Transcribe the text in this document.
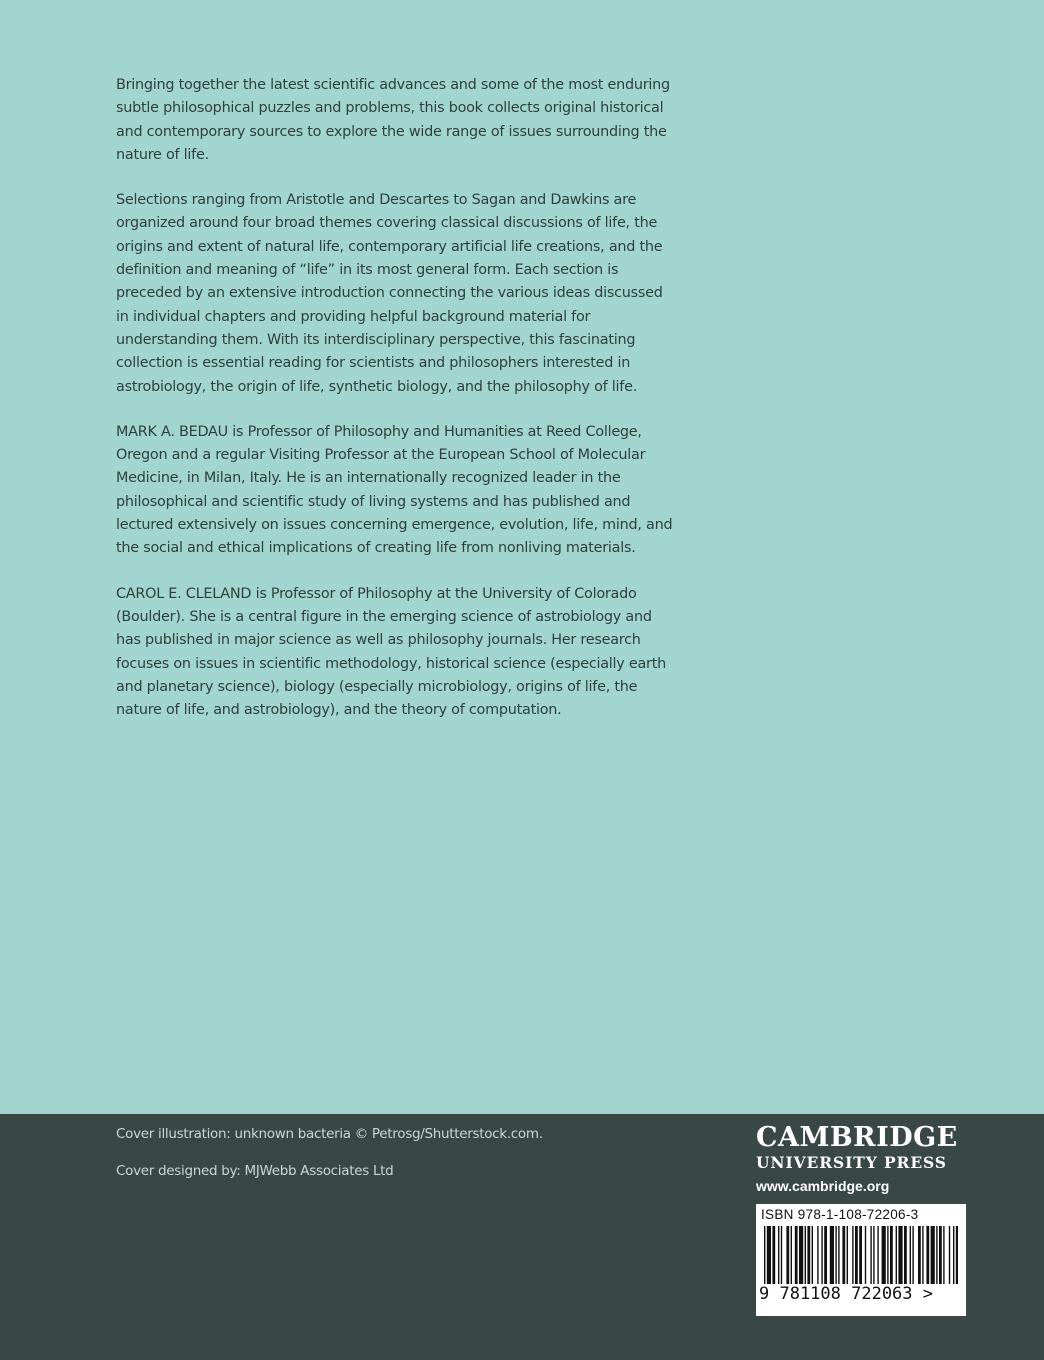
Bringing together the latest scientific advances and some of the most enduring subtle philosophical puzzles and problems, this book collects original historical and contemporary sources to explore the wide range of issues surrounding the nature of life.

Selections ranging from Aristotle and Descartes to Sagan and Dawkins are organized around four broad themes covering classical discussions of life, the origins and extent of natural life, contemporary artificial life creations, and the definition and meaning of “life” in its most general form. Each section is preceded by an extensive introduction connecting the various ideas discussed in individual chapters and providing helpful background material for understanding them. With its interdisciplinary perspective, this fascinating collection is essential reading for scientists and philosophers interested in astrobiology, the origin of life, synthetic biology, and the philosophy of life.

MARK A. BEDAU is Professor of Philosophy and Humanities at Reed College, Oregon and a regular Visiting Professor at the European School of Molecular Medicine, in Milan, Italy. He is an internationally recognized leader in the philosophical and scientific study of living systems and has published and lectured extensively on issues concerning emergence, evolution, life, mind, and the social and ethical implications of creating life from nonliving materials.

CAROL E. CLELAND is Professor of Philosophy at the University of Colorado (Boulder). She is a central figure in the emerging science of astrobiology and has published in major science as well as philosophy journals. Her research focuses on issues in scientific methodology, historical science (especially earth and planetary science), biology (especially microbiology, origins of life, the nature of life, and astrobiology), and the theory of computation.

Cover illustration: unknown bacteria © Petrosg/Shutterstock.com.
Cover designed by: MJWebb Associates Ltd
CAMBRIDGE
UNIVERSITY PRESS
www.cambridge.org
ISBN 978-1-108-72206-3
9 781108 722063 >
